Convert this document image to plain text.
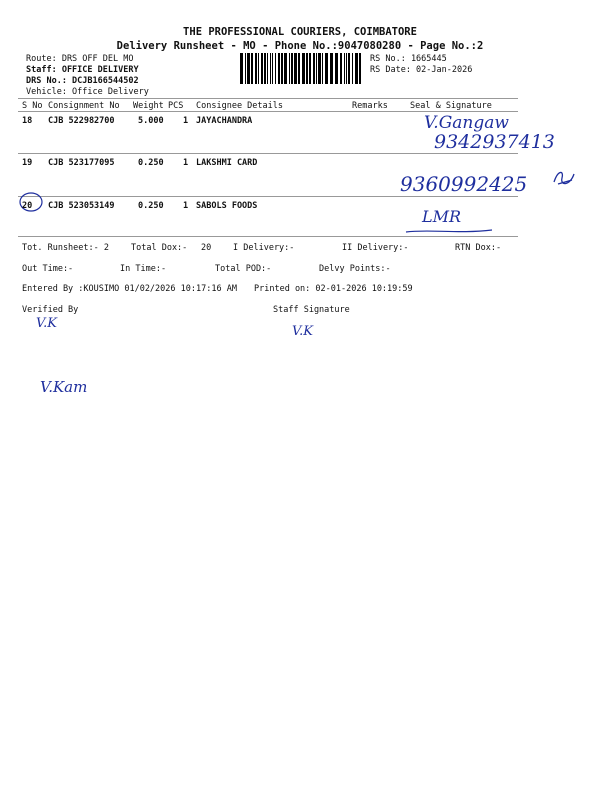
THE PROFESSIONAL COURIERS, COIMBATORE
Delivery Runsheet - MO - Phone No.:9047080280 - Page No.:2
Route: DRS OFF DEL MO
Staff: OFFICE DELIVERY
DRS No.: DCJB166544502
Vehicle: Office Delivery
RS No.: 1665445
RS Date: 02-Jan-2026
S No Consignment No Weight PCS Consignee Details	Remarks	Seal & Signature
18 CJB 522982700	5.000 1 JAYACHANDRA
19 CJB 523177095	0.250 1 LAKSHMI CARD
20 CJB 523053149	0.250 1 SABOLS FOODS
V.Gangaw
9342937413
9360992425
LMR
Tot. Runsheet:- 2	Total Dox:- 20	I Delivery:-	II Delivery:-	RTN Dox:-
Out Time:-	In Time:-	Total POD:-	Delvy Points:-
Entered By :KOUSIMO 01/02/2026 10:17:16 AM Printed on: 02-01-2026 10:19:59
Verified By	Staff Signature
V.K
V.K
V.Kam
